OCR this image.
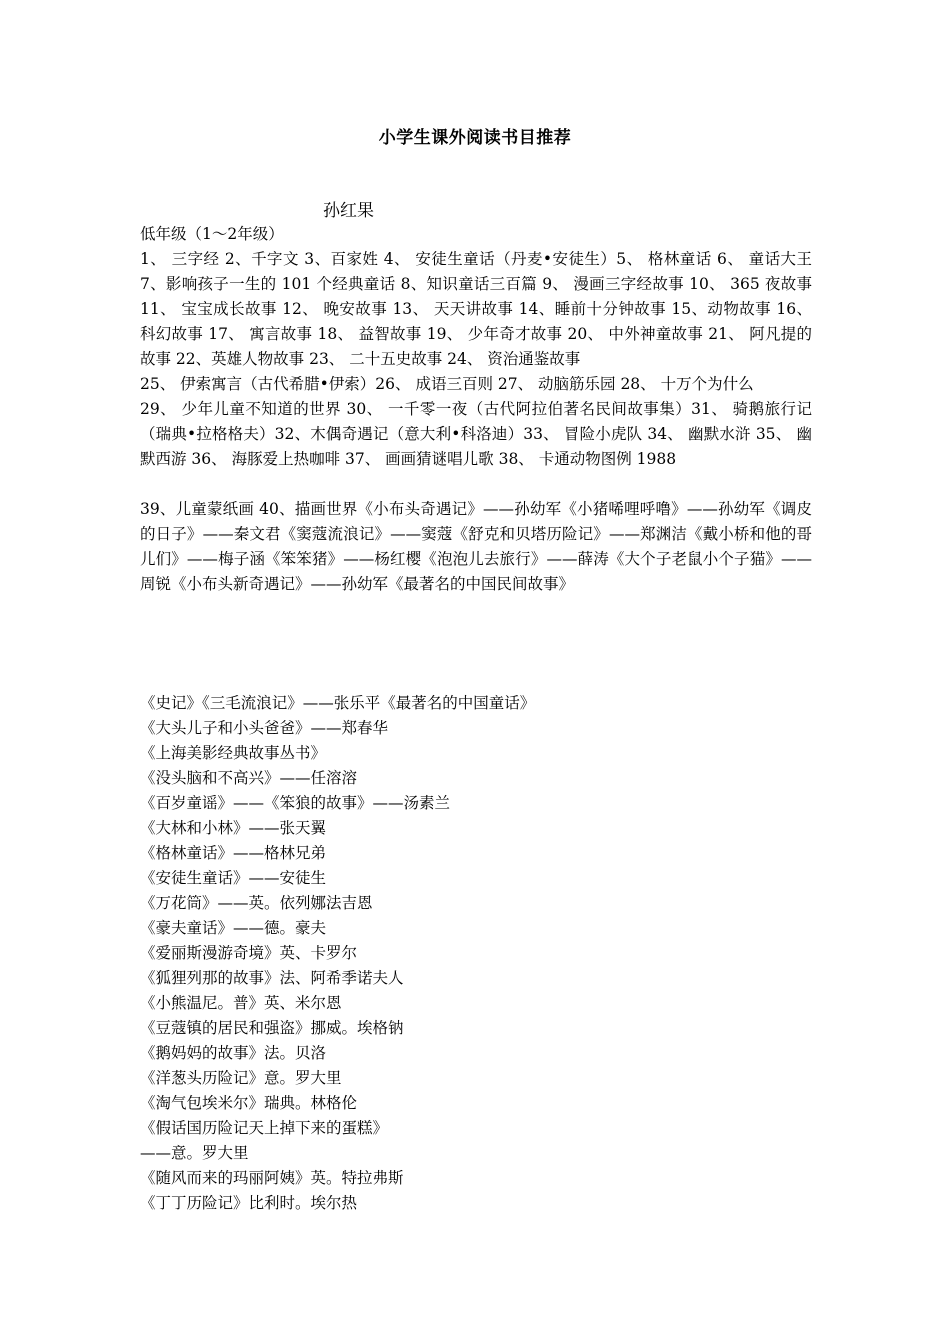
小学生课外阅读书目推荐
孙红果

低年级（1～2年级）

1、 三字经 2、千字文 3、百家姓 4、 安徒生童话（丹麦•安徒生）5、 格林童话 6、 童话大王 7、影响孩子一生的 101 个经典童话 8、知识童话三百篇 9、 漫画三字经故事 10、 365 夜故事 11、 宝宝成长故事 12、 晚安故事 13、 天天讲故事 14、睡前十分钟故事 15、动物故事 16、 科幻故事 17、 寓言故事 18、 益智故事 19、 少年奇才故事 20、 中外神童故事 21、 阿凡提的故事 22、英雄人物故事 23、 二十五史故事 24、 资治通鉴故事

25、 伊索寓言（古代希腊•伊索）26、 成语三百则 27、 动脑筋乐园 28、 十万个为什么

29、 少年儿童不知道的世界 30、 一千零一夜（古代阿拉伯著名民间故事集）31、 骑鹅旅行记（瑞典•拉格格夫）32、木偶奇遇记（意大利•科洛迪）33、 冒险小虎队 34、 幽默水浒 35、 幽默西游 36、 海豚爱上热咖啡 37、 画画猜谜唱儿歌 38、 卡通动物图例 1988

39、儿童蒙纸画 40、描画世界《小布头奇遇记》——孙幼军《小猪唏哩呼噜》——孙幼军《调皮的日子》——秦文君《窦蔻流浪记》——窦蔻《舒克和贝塔历险记》——郑渊洁《戴小桥和他的哥儿们》——梅子涵《笨笨猪》——杨红樱《泡泡儿去旅行》——薛涛《大个子老鼠小个子猫》——周锐《小布头新奇遇记》——孙幼军《最著名的中国民间故事》

《史记》《三毛流浪记》——张乐平《最著名的中国童话》
《大头儿子和小头爸爸》——郑春华
《上海美影经典故事丛书》
《没头脑和不高兴》——任溶溶
《百岁童谣》——《笨狼的故事》——汤素兰
《大林和小林》——张天翼
《格林童话》——格林兄弟
《安徒生童话》——安徒生
《万花筒》——英。依列娜法吉恩
《豪夫童话》——德。豪夫
《爱丽斯漫游奇境》英、卡罗尔
《狐狸列那的故事》法、阿希季诺夫人
《小熊温尼。普》英、米尔恩
《豆蔻镇的居民和强盗》挪威。埃格钠
《鹅妈妈的故事》法。贝洛
《洋葱头历险记》意。罗大里
《淘气包埃米尔》瑞典。林格伦
《假话国历险记天上掉下来的蛋糕》
——意。罗大里
《随风而来的玛丽阿姨》英。特拉弗斯
《丁丁历险记》比利时。埃尔热
